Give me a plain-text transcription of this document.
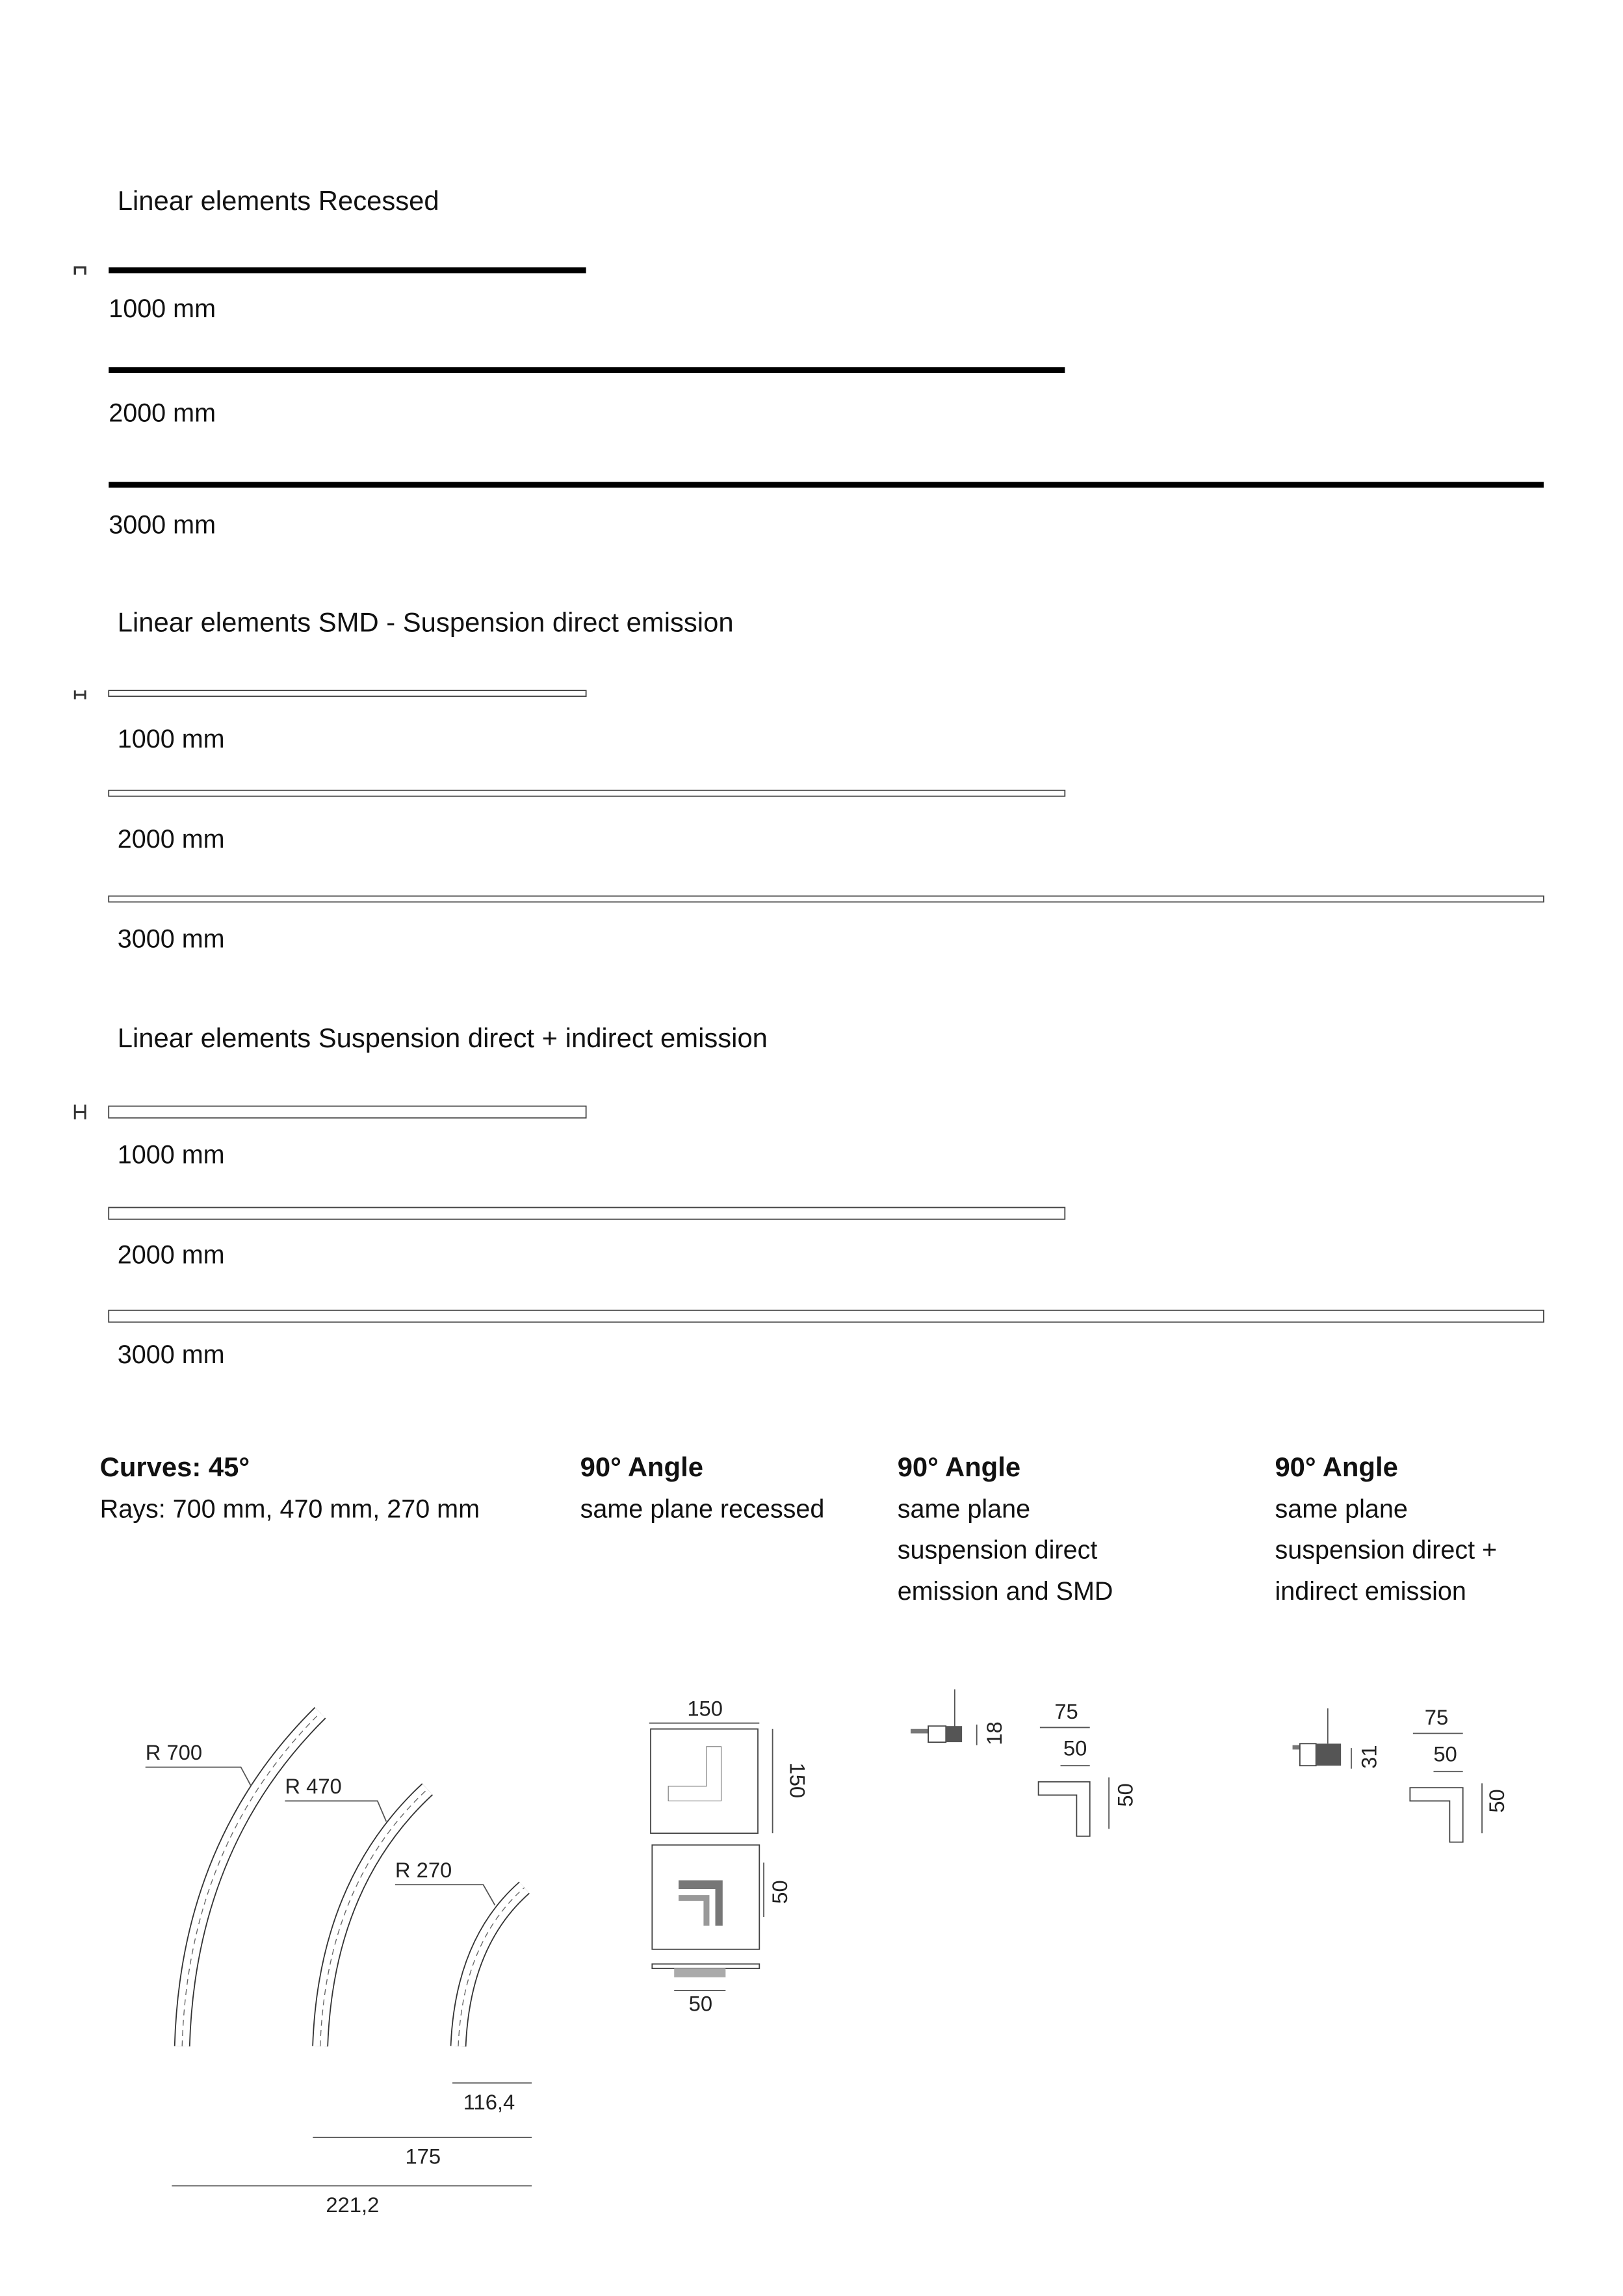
Linear elements Recessed
1000 mm
2000 mm
3000 mm
Linear elements SMD - Suspension direct emission
1000 mm
2000 mm
3000 mm
Linear elements Suspension direct + indirect emission
1000 mm
2000 mm
3000 mm
Curves: 45°
Rays: 700 mm, 470 mm, 270 mm
90° Angle
same plane recessed
90° Angle
same plane
suspension direct
emission and SMD
90° Angle
same plane
suspension direct +
indirect emission
R 700
R 470
R 270
116,4
175
221,2
150
150
50
50
18
75
50
50
31
75
50
50
